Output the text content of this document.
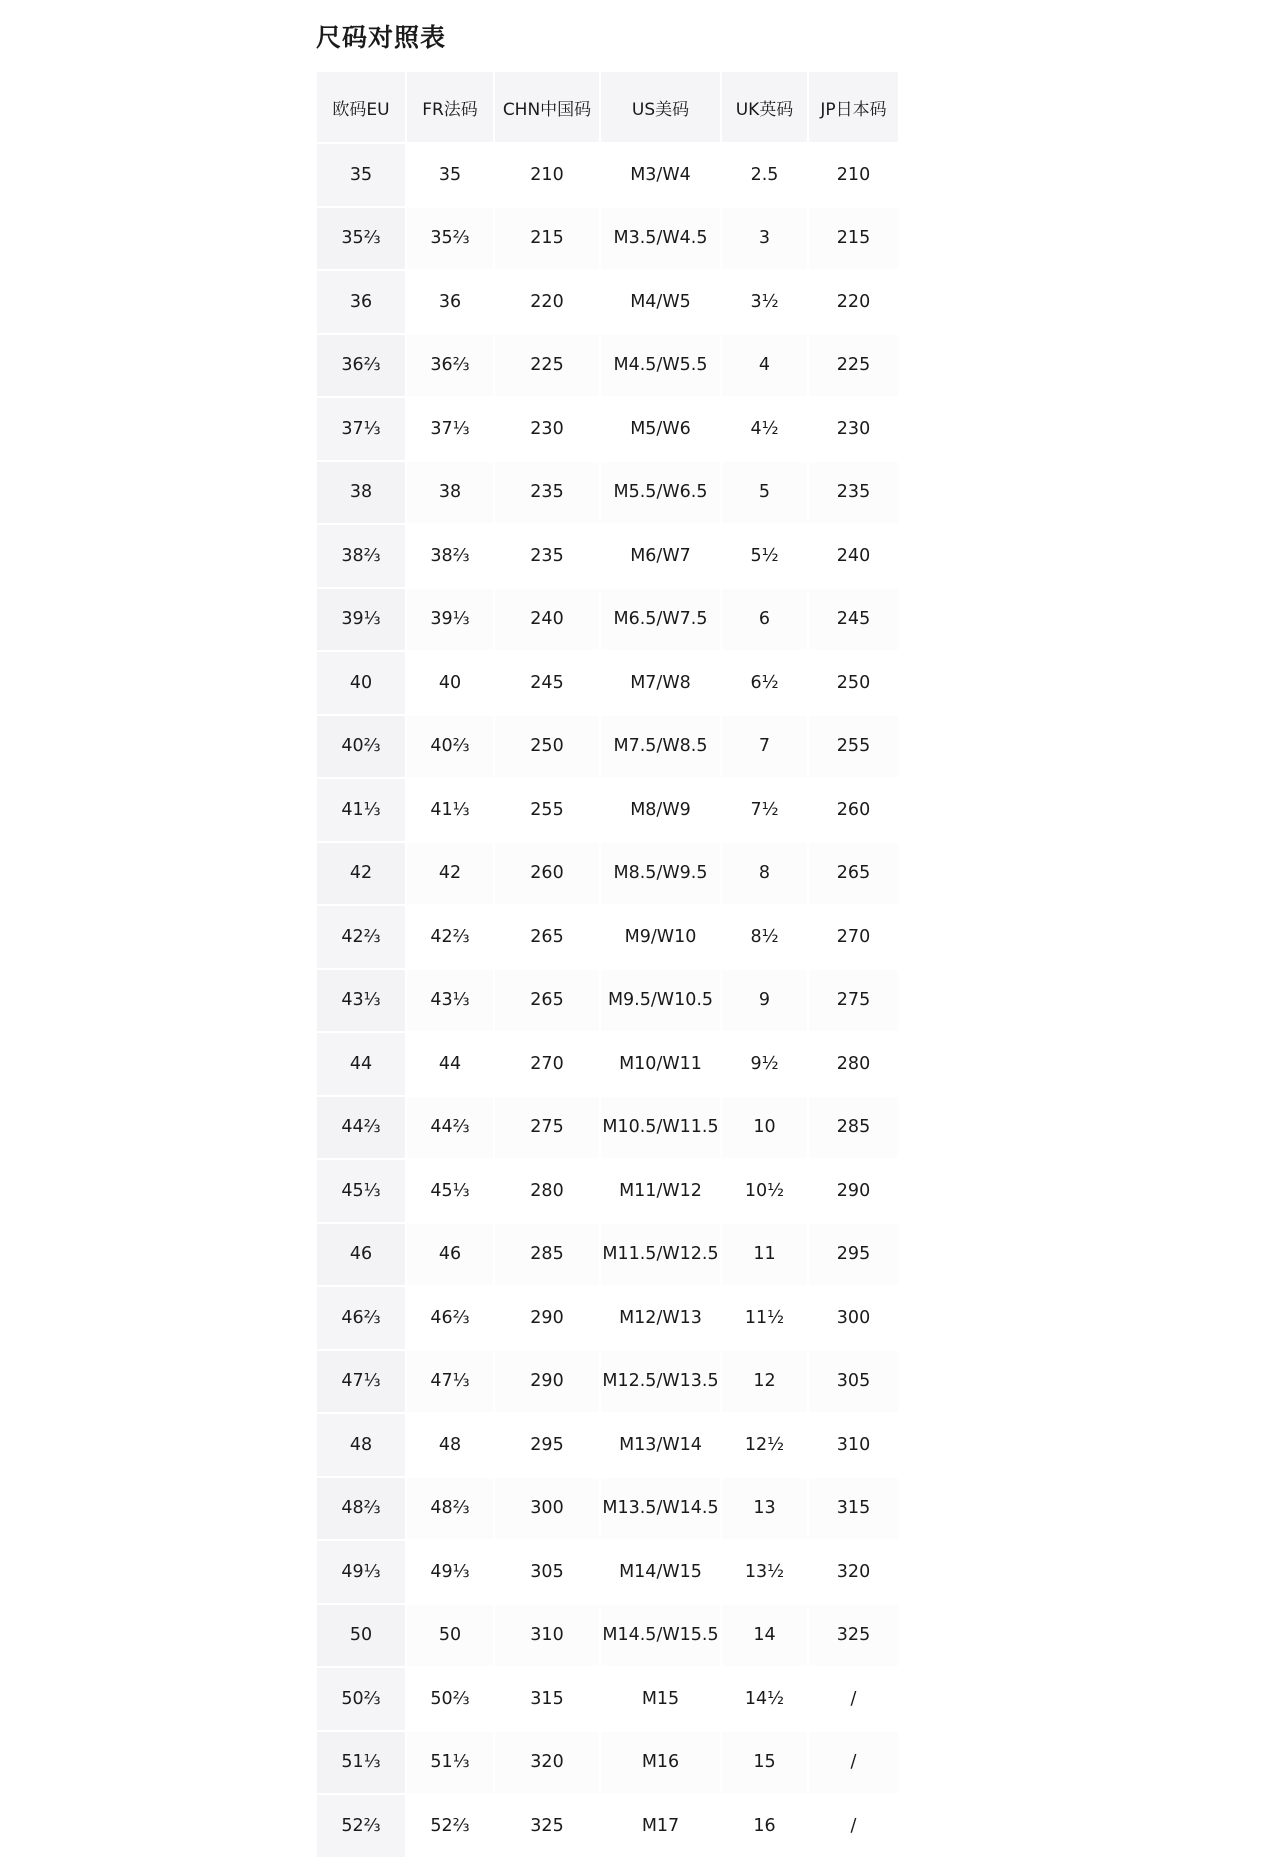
尺码对照表
欧码EU	FR法码	CHN中国码	US美码	UK英码	JP日本码
35	35	210	M3/W4	2.5	210
35⅔	35⅔	215	M3.5/W4.5	3	215
36	36	220	M4/W5	3½	220
36⅔	36⅔	225	M4.5/W5.5	4	225
37⅓	37⅓	230	M5/W6	4½	230
38	38	235	M5.5/W6.5	5	235
38⅔	38⅔	235	M6/W7	5½	240
39⅓	39⅓	240	M6.5/W7.5	6	245
40	40	245	M7/W8	6½	250
40⅔	40⅔	250	M7.5/W8.5	7	255
41⅓	41⅓	255	M8/W9	7½	260
42	42	260	M8.5/W9.5	8	265
42⅔	42⅔	265	M9/W10	8½	270
43⅓	43⅓	265	M9.5/W10.5	9	275
44	44	270	M10/W11	9½	280
44⅔	44⅔	275	M10.5/W11.5	10	285
45⅓	45⅓	280	M11/W12	10½	290
46	46	285	M11.5/W12.5	11	295
46⅔	46⅔	290	M12/W13	11½	300
47⅓	47⅓	290	M12.5/W13.5	12	305
48	48	295	M13/W14	12½	310
48⅔	48⅔	300	M13.5/W14.5	13	315
49⅓	49⅓	305	M14/W15	13½	320
50	50	310	M14.5/W15.5	14	325
50⅔	50⅔	315	M15	14½	/
51⅓	51⅓	320	M16	15	/
52⅔	52⅔	325	M17	16	/
